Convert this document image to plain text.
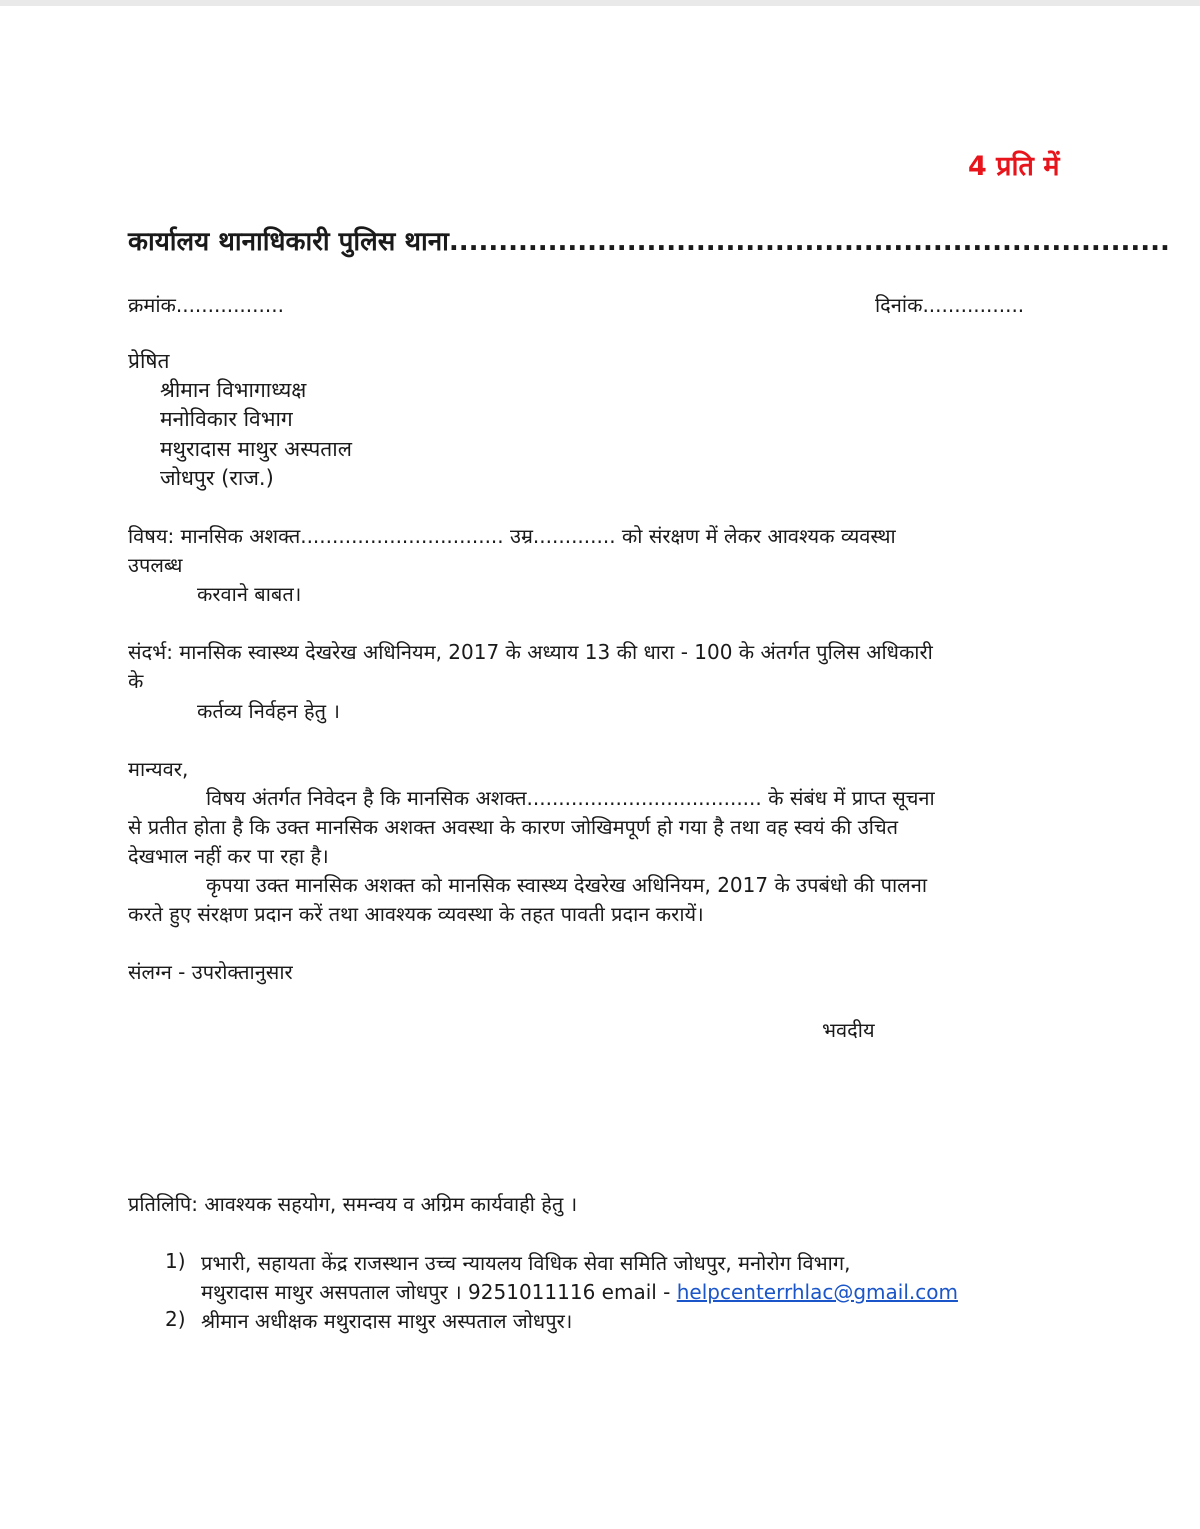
4 प्रति में
कार्यालय थानाधिकारी पुलिस थाना.........................................................................
क्रमांक.................	दिनांक................
प्रेषित
श्रीमान विभागाध्यक्ष
मनोविकार विभाग
मथुरादास माथुर अस्पताल
जोधपुर (राज.)
विषय: मानसिक अशक्त................................ उम्र............. को संरक्षण में लेकर आवश्यक व्यवस्था
उपलब्ध
करवाने बाबत।
संदर्भ: मानसिक स्वास्थ्य देखरेख अधिनियम, 2017 के अध्याय 13 की धारा - 100 के अंतर्गत पुलिस अधिकारी
के
कर्तव्य निर्वहन हेतु ।
मान्यवर,
विषय अंतर्गत निवेदन है कि मानसिक अशक्त..................................... के संबंध में प्राप्त सूचना
से प्रतीत होता है कि उक्त मानसिक अशक्त अवस्था के कारण जोखिमपूर्ण हो गया है तथा वह स्वयं की उचित
देखभाल नहीं कर पा रहा है।
कृपया उक्त मानसिक अशक्त को मानसिक स्वास्थ्य देखरेख अधिनियम, 2017 के उपबंधो की पालना
करते हुए संरक्षण प्रदान करें तथा आवश्यक व्यवस्था के तहत पावती प्रदान करायें।
संलग्न - उपरोक्तानुसार
भवदीय
प्रतिलिपि: आवश्यक सहयोग, समन्वय व अग्रिम कार्यवाही हेतु ।
1) प्रभारी, सहायता केंद्र राजस्थान उच्च न्यायलय विधिक सेवा समिति जोधपुर, मनोरोग विभाग,
मथुरादास माथुर असपताल जोधपुर । 9251011116 email - helpcenterrhlac@gmail.com
2) श्रीमान अधीक्षक मथुरादास माथुर अस्पताल जोधपुर।
